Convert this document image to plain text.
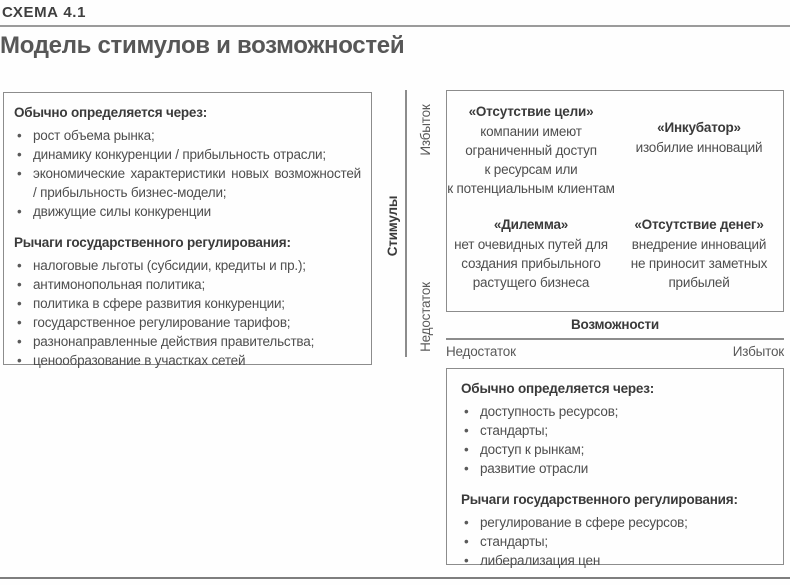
СХЕМА 4.1
Модель стимулов и возможностей
Обычно определяется через:
• рост объема рынка;
• динамику конкуренции / прибыльность отрасли;
• экономические характеристики новых возможностей / прибыльность бизнес-модели;
• движущие силы конкуренции
Рычаги государственного регулирования:
• налоговые льготы (субсидии, кредиты и пр.);
• антимонопольная политика;
• политика в сфере развития конкуренции;
• государственное регулирование тарифов;
• разнонаправленные действия правительства;
• ценообразование в участках сетей
Стимулы
Избыток
Недостаток
«Отсутствие цели»
компании имеют
ограниченный доступ
к ресурсам или
к потенциальным клиентам
«Инкубатор»
изобилие инноваций
«Дилемма»
нет очевидных путей для
создания прибыльного
растущего бизнеса
«Отсутствие денег»
внедрение инноваций
не приносит заметных
прибылей
Возможности
Недостаток	Избыток
Обычно определяется через:
• доступность ресурсов;
• стандарты;
• доступ к рынкам;
• развитие отрасли
Рычаги государственного регулирования:
• регулирование в сфере ресурсов;
• стандарты;
• либерализация цен
